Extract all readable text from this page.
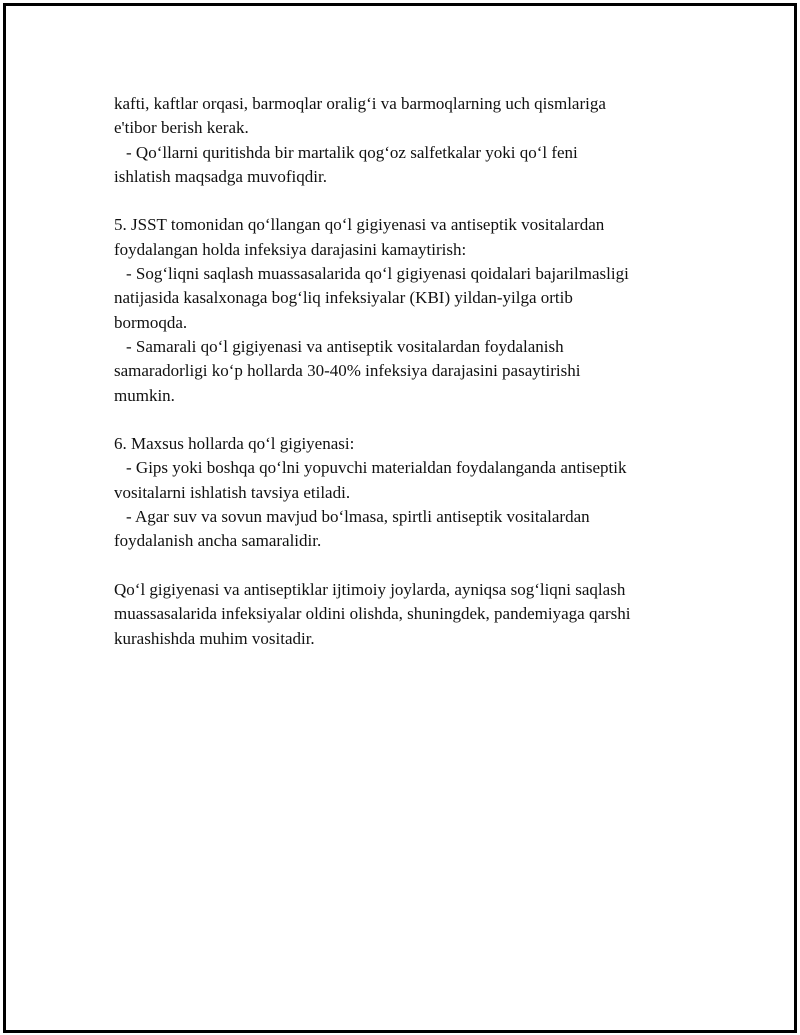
kafti, kaftlar orqasi, barmoqlar oralig‘i va barmoqlarning uch qismlariga
e'tibor berish kerak.
- Qo‘llarni quritishda bir martalik qog‘oz salfetkalar yoki qo‘l feni
ishlatish maqsadga muvofiqdir.
5. JSST tomonidan qo‘llangan qo‘l gigiyenasi va antiseptik vositalardan
foydalangan holda infeksiya darajasini kamaytirish:
- Sog‘liqni saqlash muassasalarida qo‘l gigiyenasi qoidalari bajarilmasligi
natijasida kasalxonaga bog‘liq infeksiyalar (KBI) yildan-yilga ortib
bormoqda.
- Samarali qo‘l gigiyenasi va antiseptik vositalardan foydalanish
samaradorligi ko‘p hollarda 30-40% infeksiya darajasini pasaytirishi
mumkin.
6. Maxsus hollarda qo‘l gigiyenasi:
- Gips yoki boshqa qo‘lni yopuvchi materialdan foydalanganda antiseptik
vositalarni ishlatish tavsiya etiladi.
- Agar suv va sovun mavjud bo‘lmasa, spirtli antiseptik vositalardan
foydalanish ancha samaralidir.
Qo‘l gigiyenasi va antiseptiklar ijtimoiy joylarda, ayniqsa sog‘liqni saqlash
muassasalarida infeksiyalar oldini olishda, shuningdek, pandemiyaga qarshi
kurashishda muhim vositadir.
